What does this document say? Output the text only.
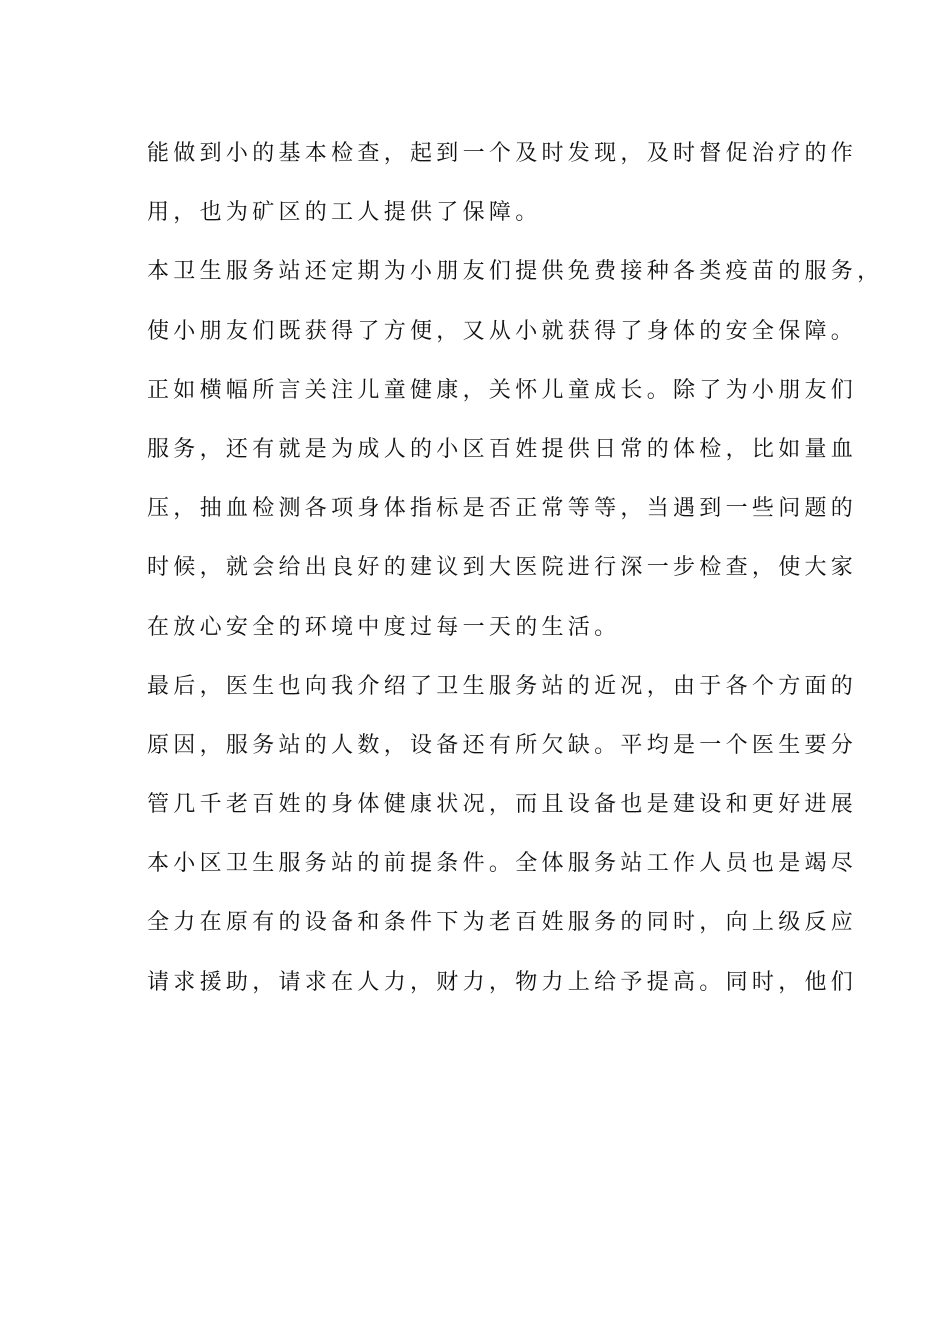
能做到小的基本检查，起到一个及时发现，及时督促治疗的作
用，也为矿区的工人提供了保障。
本卫生服务站还定期为小朋友们提供免费接种各类疫苗的服务，
使小朋友们既获得了方便，又从小就获得了身体的安全保障。
正如横幅所言关注儿童健康，关怀儿童成长。除了为小朋友们
服务，还有就是为成人的小区百姓提供日常的体检，比如量血
压，抽血检测各项身体指标是否正常等等，当遇到一些问题的
时候，就会给出良好的建议到大医院进行深一步检查，使大家
在放心安全的环境中度过每一天的生活。
最后，医生也向我介绍了卫生服务站的近况，由于各个方面的
原因，服务站的人数，设备还有所欠缺。平均是一个医生要分
管几千老百姓的身体健康状况，而且设备也是建设和更好进展
本小区卫生服务站的前提条件。全体服务站工作人员也是竭尽
全力在原有的设备和条件下为老百姓服务的同时，向上级反应
请求援助，请求在人力，财力，物力上给予提高。同时，他们
